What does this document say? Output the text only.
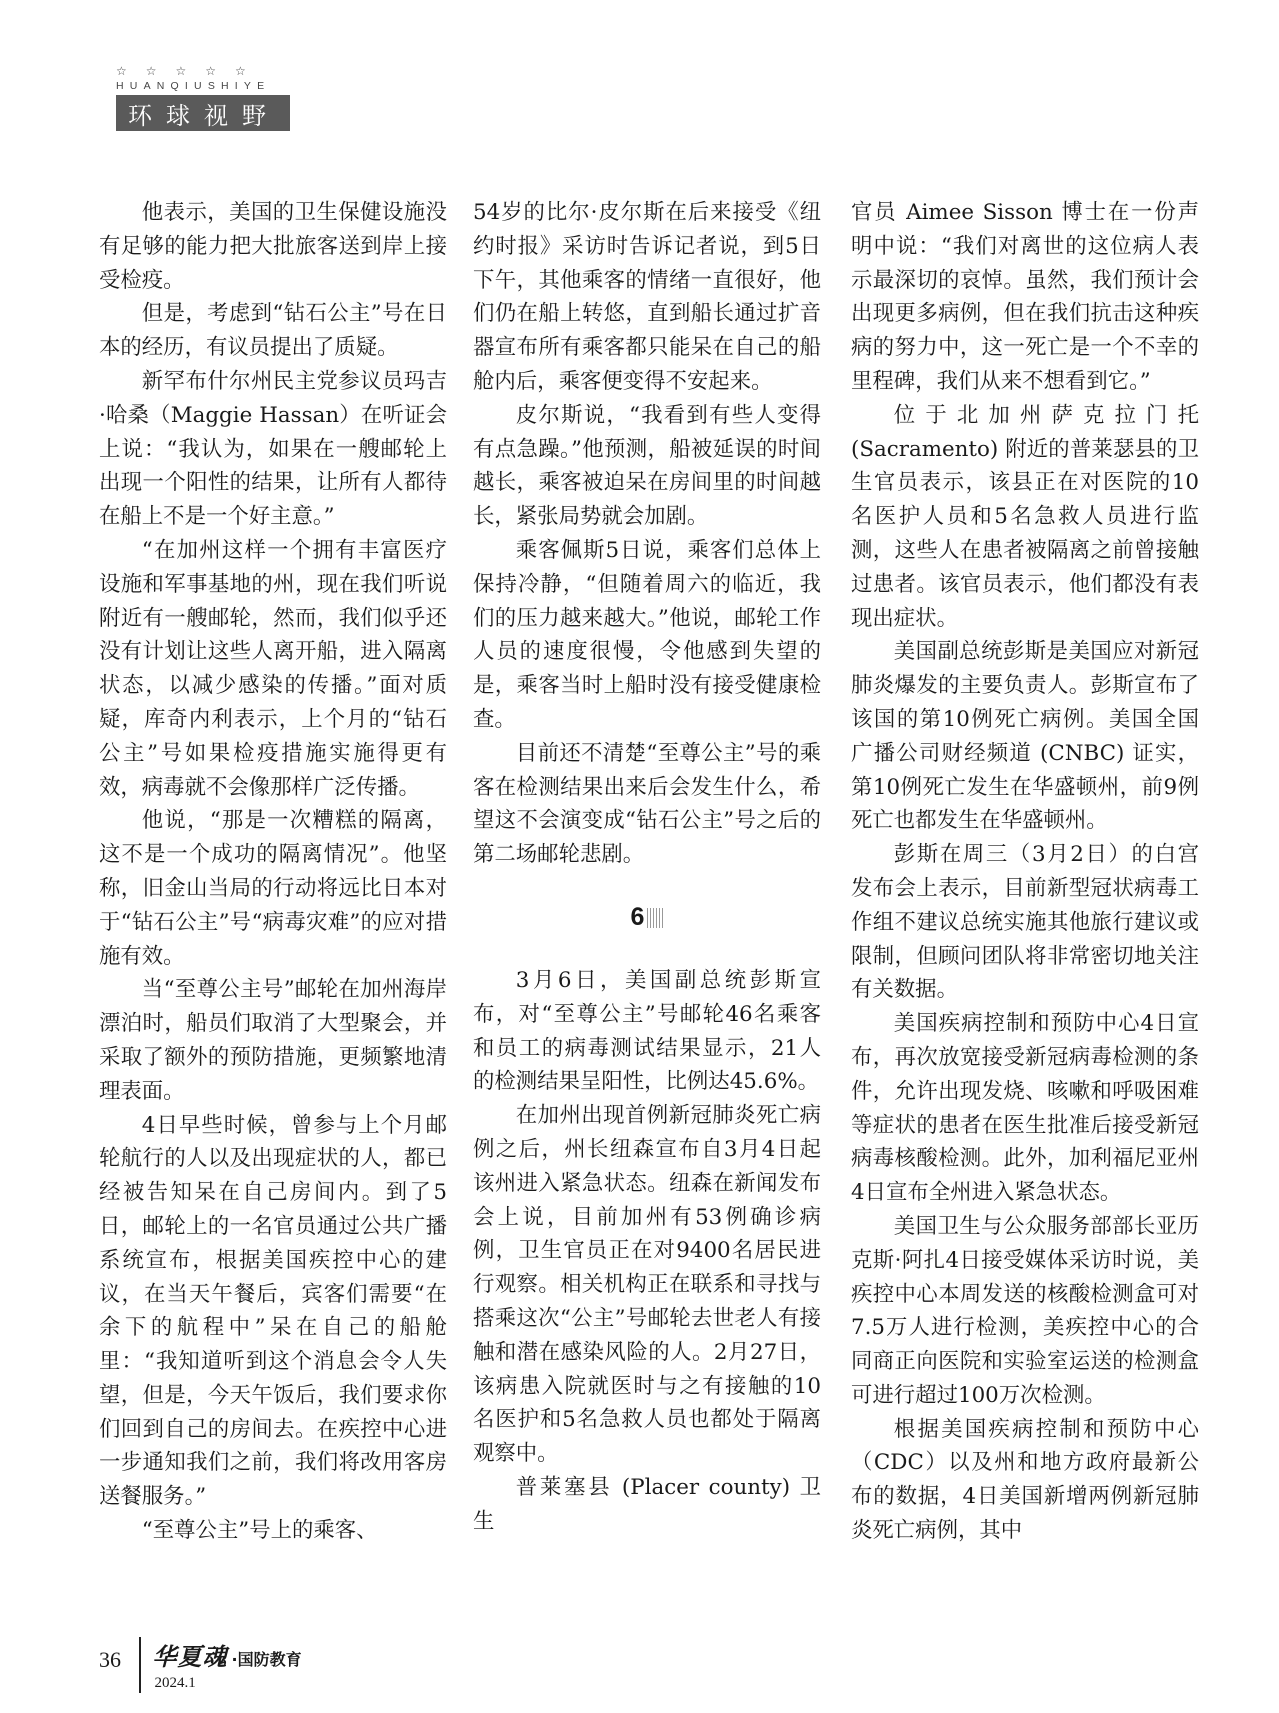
☆☆☆☆☆
HUANQIUSHIYE
环球视野

他表示，美国的卫生保健设施没有足够的能力把大批旅客送到岸上接受检疫。

但是，考虑到“钻石公主”号在日本的经历，有议员提出了质疑。

新罕布什尔州民主党参议员玛吉·哈桑（Maggie Hassan）在听证会上说：“我认为，如果在一艘邮轮上出现一个阳性的结果，让所有人都待在船上不是一个好主意。”

“在加州这样一个拥有丰富医疗设施和军事基地的州，现在我们听说附近有一艘邮轮，然而，我们似乎还没有计划让这些人离开船，进入隔离状态，以减少感染的传播。”面对质疑，库奇内利表示，上个月的“钻石公主”号如果检疫措施实施得更有效，病毒就不会像那样广泛传播。

他说，“那是一次糟糕的隔离，这不是一个成功的隔离情况”。他坚称，旧金山当局的行动将远比日本对于“钻石公主”号“病毒灾难”的应对措施有效。

当“至尊公主号”邮轮在加州海岸漂泊时，船员们取消了大型聚会，并采取了额外的预防措施，更频繁地清理表面。

4日早些时候，曾参与上个月邮轮航行的人以及出现症状的人，都已经被告知呆在自己房间内。到了5日，邮轮上的一名官员通过公共广播系统宣布，根据美国疾控中心的建议，在当天午餐后，宾客们需要“在余下的航程中”呆在自己的船舱里：“我知道听到这个消息会令人失望，但是，今天午饭后，我们要求你们回到自己的房间去。在疾控中心进一步通知我们之前，我们将改用客房送餐服务。”

“至尊公主”号上的乘客、

54岁的比尔·皮尔斯在后来接受《纽约时报》采访时告诉记者说，到5日下午，其他乘客的情绪一直很好，他们仍在船上转悠，直到船长通过扩音器宣布所有乘客都只能呆在自己的船舱内后，乘客便变得不安起来。

皮尔斯说，“我看到有些人变得有点急躁。”他预测，船被延误的时间越长，乘客被迫呆在房间里的时间越长，紧张局势就会加剧。

乘客佩斯5日说，乘客们总体上保持冷静，“但随着周六的临近，我们的压力越来越大。”他说，邮轮工作人员的速度很慢，令他感到失望的是，乘客当时上船时没有接受健康检查。

目前还不清楚“至尊公主”号的乘客在检测结果出来后会发生什么，希望这不会演变成“钻石公主”号之后的第二场邮轮悲剧。

6

3月6日，美国副总统彭斯宣布，对“至尊公主”号邮轮46名乘客和员工的病毒测试结果显示，21人的检测结果呈阳性，比例达45.6%。

在加州出现首例新冠肺炎死亡病例之后，州长纽森宣布自3月4日起该州进入紧急状态。纽森在新闻发布会上说，目前加州有53例确诊病例，卫生官员正在对9400名居民进行观察。相关机构正在联系和寻找与搭乘这次“公主”号邮轮去世老人有接触和潜在感染风险的人。2月27日，该病患入院就医时与之有接触的10名医护和5名急救人员也都处于隔离观察中。

普莱塞县 (Placer county) 卫生

官员 Aimee Sisson 博士在一份声明中说：“我们对离世的这位病人表示最深切的哀悼。虽然，我们预计会出现更多病例，但在我们抗击这种疾病的努力中，这一死亡是一个不幸的里程碑，我们从来不想看到它。”

位于北加州萨克拉门托 (Sacramento) 附近的普莱瑟县的卫生官员表示，该县正在对医院的10名医护人员和5名急救人员进行监测，这些人在患者被隔离之前曾接触过患者。该官员表示，他们都没有表现出症状。

美国副总统彭斯是美国应对新冠肺炎爆发的主要负责人。彭斯宣布了该国的第10例死亡病例。美国全国广播公司财经频道 (CNBC) 证实，第10例死亡发生在华盛顿州，前9例死亡也都发生在华盛顿州。

彭斯在周三（3月2日）的白宫发布会上表示，目前新型冠状病毒工作组不建议总统实施其他旅行建议或限制，但顾问团队将非常密切地关注有关数据。

美国疾病控制和预防中心4日宣布，再次放宽接受新冠病毒检测的条件，允许出现发烧、咳嗽和呼吸困难等症状的患者在医生批准后接受新冠病毒核酸检测。此外，加利福尼亚州4日宣布全州进入紧急状态。

美国卫生与公众服务部部长亚历克斯·阿扎4日接受媒体采访时说，美疾控中心本周发送的核酸检测盒可对7.5万人进行检测，美疾控中心的合同商正向医院和实验室运送的检测盒可进行超过100万次检测。

根据美国疾病控制和预防中心（CDC）以及州和地方政府最新公布的数据，4日美国新增两例新冠肺炎死亡病例，其中

36 华夏魂 ·国防教育
2024.1
